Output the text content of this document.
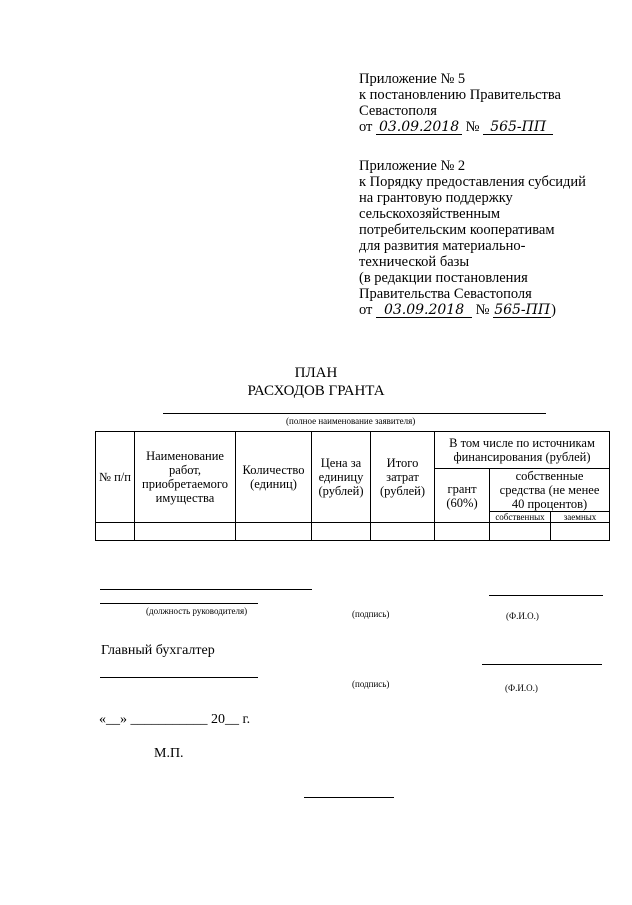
Приложение № 5
к постановлению Правительства
Севастополя
от 03.09.2018 № 565-ПП
Приложение № 2
к Порядку предоставления субсидий
на грантовую поддержку
сельскохозяйственным
потребительским кооперативам
для развития материально-
технической базы
(в редакции постановления
Правительства Севастополя
от 03.09.2018 № 565-ПП)
ПЛАН
РАСХОДОВ ГРАНТА
(полное наименование заявителя)
№ п/п	Наименование работ, приобретаемого имущества	Количество (единиц)	Цена за единицу (рублей)	Итого затрат (рублей)	В том числе по источникам финансирования (рублей)		
					грант (60%)	собственные средства (не менее 40 процентов)	
						собственных	заемных

(должность руководителя)	(подпись)	(Ф.И.О.)
Главный бухгалтер
(подпись)	(Ф.И.О.)
«__» ___________ 20__ г.
М.П.
